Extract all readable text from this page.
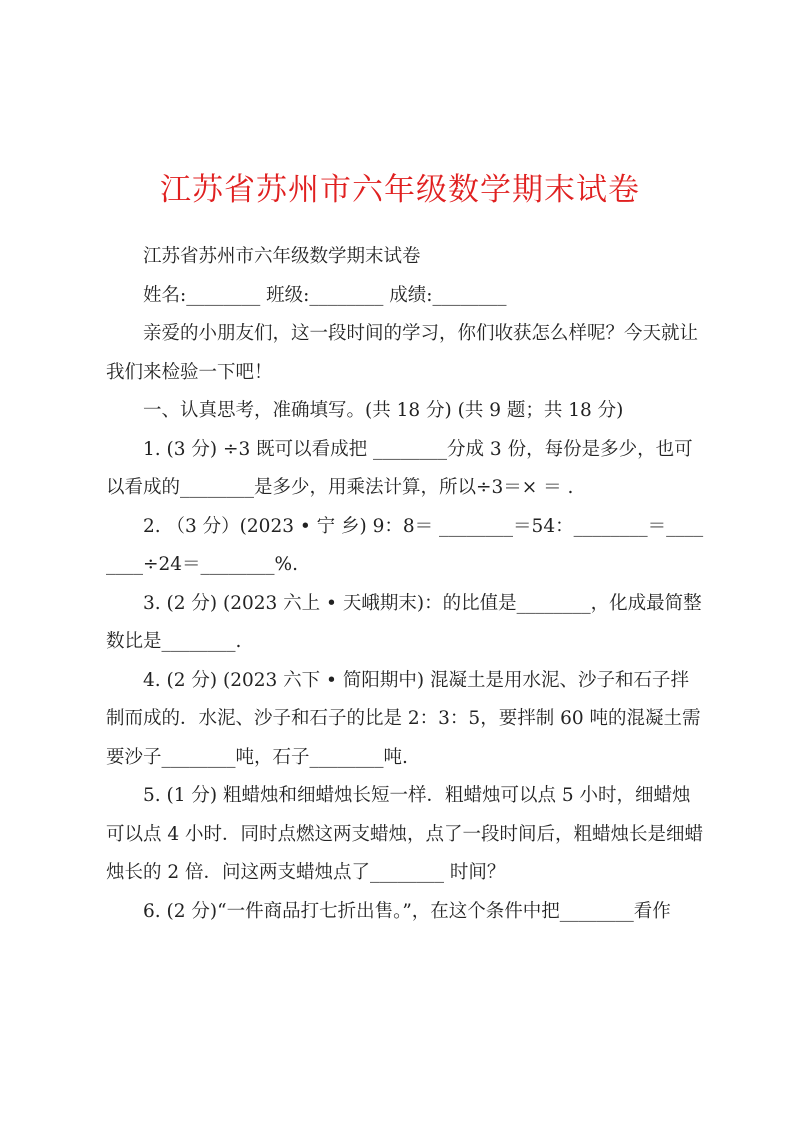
江苏省苏州市六年级数学期末试卷

江苏省苏州市六年级数学期末试卷

姓名:________ 班级:________ 成绩:________

亲爱的小朋友们，这一段时间的学习，你们收获怎么样呢？今天就让我们来检验一下吧！

一、认真思考，准确填写。(共 18 分) (共 9 题；共 18 分)

1. (3 分) ÷3 既可以看成把 ________分成 3 份，每份是多少，也可以看成的________是多少，用乘法计算，所以÷3＝× ＝ .

2. （3 分）(2023 • 宁 乡) 9：8＝ ________＝54：________＝________÷24＝________%.

3. (2 分) (2023 六上 • 天峨期末)：的比值是________，化成最简整数比是________.

4. (2 分) (2023 六下 • 简阳期中) 混凝土是用水泥、沙子和石子拌制而成的．水泥、沙子和石子的比是 2：3：5，要拌制 60 吨的混凝土需要沙子________吨，石子________吨.

5. (1 分) 粗蜡烛和细蜡烛长短一样．粗蜡烛可以点 5 小时，细蜡烛可以点 4 小时．同时点燃这两支蜡烛，点了一段时间后，粗蜡烛长是细蜡烛长的 2 倍．问这两支蜡烛点了________ 时间？

6. (2 分)“一件商品打七折出售。”，在这个条件中把________看作
